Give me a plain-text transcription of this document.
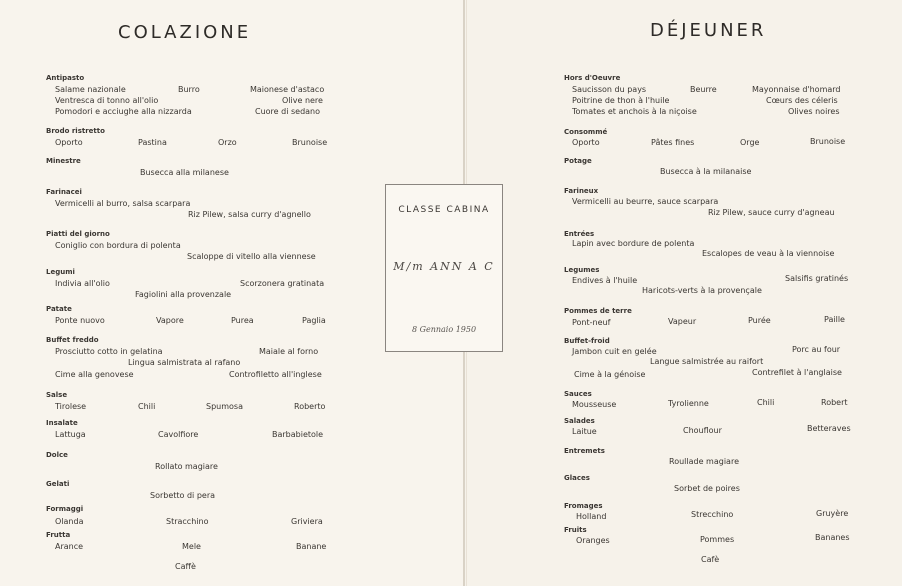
COLAZIONE	DÉJEUNER
Antipasto
Salame nazionale	Burro	Maionese d'astaco
Ventresca di tonno all'olio	Olive nere
Pomodori e acciughe alla nizzarda	Cuore di sedano
Brodo ristretto
Oporto	Pastina	Orzo	Brunoise
Minestre
Busecca alla milanese
Farinacei
Vermicelli al burro, salsa scarpara
Riz Pilew, salsa curry d'agnello
Piatti del giorno
Coniglio con bordura di polenta
Scaloppe di vitello alla viennese
Legumi
Indivia all'olio	Scorzonera gratinata
Fagiolini alla provenzale
Patate
Ponte nuovo	Vapore	Purea	Paglia
Buffet freddo
Prosciutto cotto in gelatina	Maiale al forno
Lingua salmistrata al rafano
Cime alla genovese	Controfiletto all'inglese
Salse
Tirolese	Chili	Spumosa	Roberto
Insalate
Lattuga	Cavolfiore	Barbabietole
Dolce
Rollato magiare
Gelati
Sorbetto di pera
Formaggi
Olanda	Stracchino	Griviera
Frutta
Arance	Mele	Banane
Caffè
CLASSE CABINA
M/m ANN A C
8 Gennaio 1950
Hors d'Oeuvre
Saucisson du pays	Beurre	Mayonnaise d'homard
Poitrine de thon à l'huile	Cœurs des céleris
Tomates et anchois à la niçoise	Olives noires
Consommé
Oporto	Pâtes fines	Orge	Brunoise
Potage
Busecca à la milanaise
Farineux
Vermicelli au beurre, sauce scarpara
Riz Pilew, sauce curry d'agneau
Entrées
Lapin avec bordure de polenta
Escalopes de veau à la viennoise
Legumes
Endives à l'huile	Salsifis gratinés
Haricots-verts à la provençale
Pommes de terre
Pont-neuf	Vapeur	Purée	Paille
Buffet-froid
Jambon cuit en gelée	Porc au four
Langue salmistrée au raifort
Cime à la génoise	Contrefilet à l'anglaise
Sauces
Mousseuse	Tyrolienne	Chili	Robert
Salades
Laitue	Chouflour	Betteraves
Entremets
Roullade magiare
Glaces
Sorbet de poires
Fromages
Holland	Strecchino	Gruyère
Fruits
Oranges	Pommes	Bananes
Cafè
